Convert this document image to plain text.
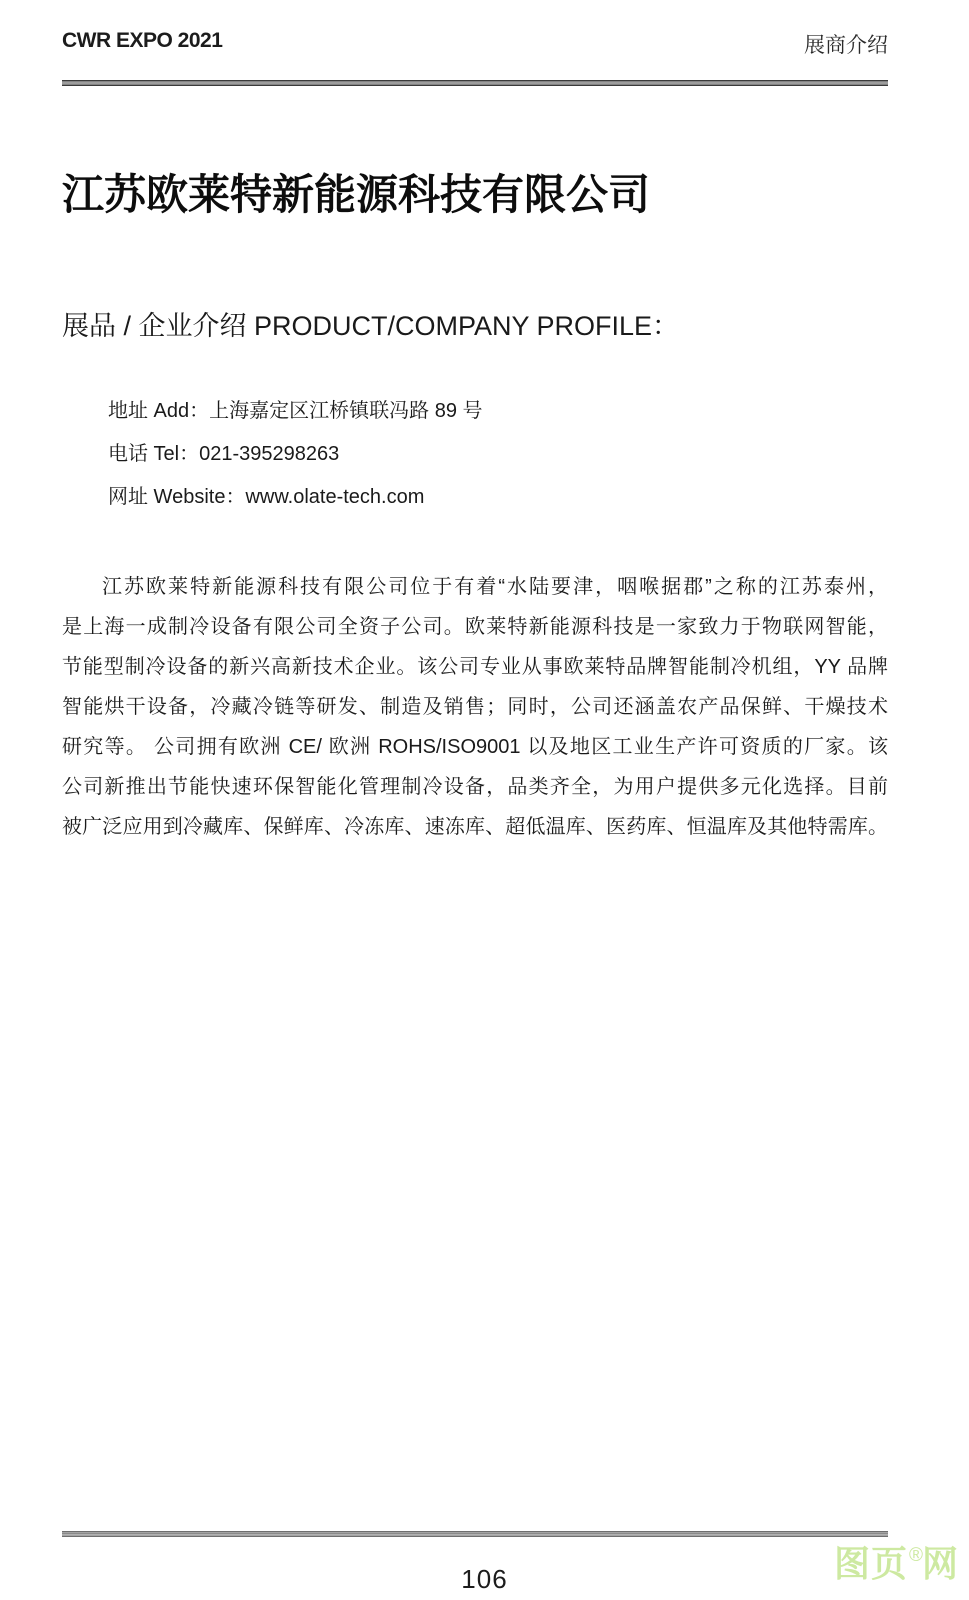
CWR EXPO 2021	展商介绍
江苏欧莱特新能源科技有限公司
展品 / 企业介绍 PRODUCT/COMPANY PROFILE：
地址 Add：上海嘉定区江桥镇联冯路 89 号
电话 Tel：021-395298263
网址 Website：www.olate-tech.com
江苏欧莱特新能源科技有限公司位于有着“水陆要津，咽喉据郡”之称的江苏泰州，
是上海一成制冷设备有限公司全资子公司。欧莱特新能源科技是一家致力于物联网智能，
节能型制冷设备的新兴高新技术企业。该公司专业从事欧莱特品牌智能制冷机组，YY 品牌
智能烘干设备，冷藏冷链等研发、制造及销售；同时，公司还涵盖农产品保鲜、干燥技术
研究等。 公司拥有欧洲 CE/ 欧洲 ROHS/ISO9001 以及地区工业生产许可资质的厂家。该
公司新推出节能快速环保智能化管理制冷设备，品类齐全，为用户提供多元化选择。目前
被广泛应用到冷藏库、保鲜库、冷冻库、速冻库、超低温库、医药库、恒温库及其他特需库。
106	图页®网
